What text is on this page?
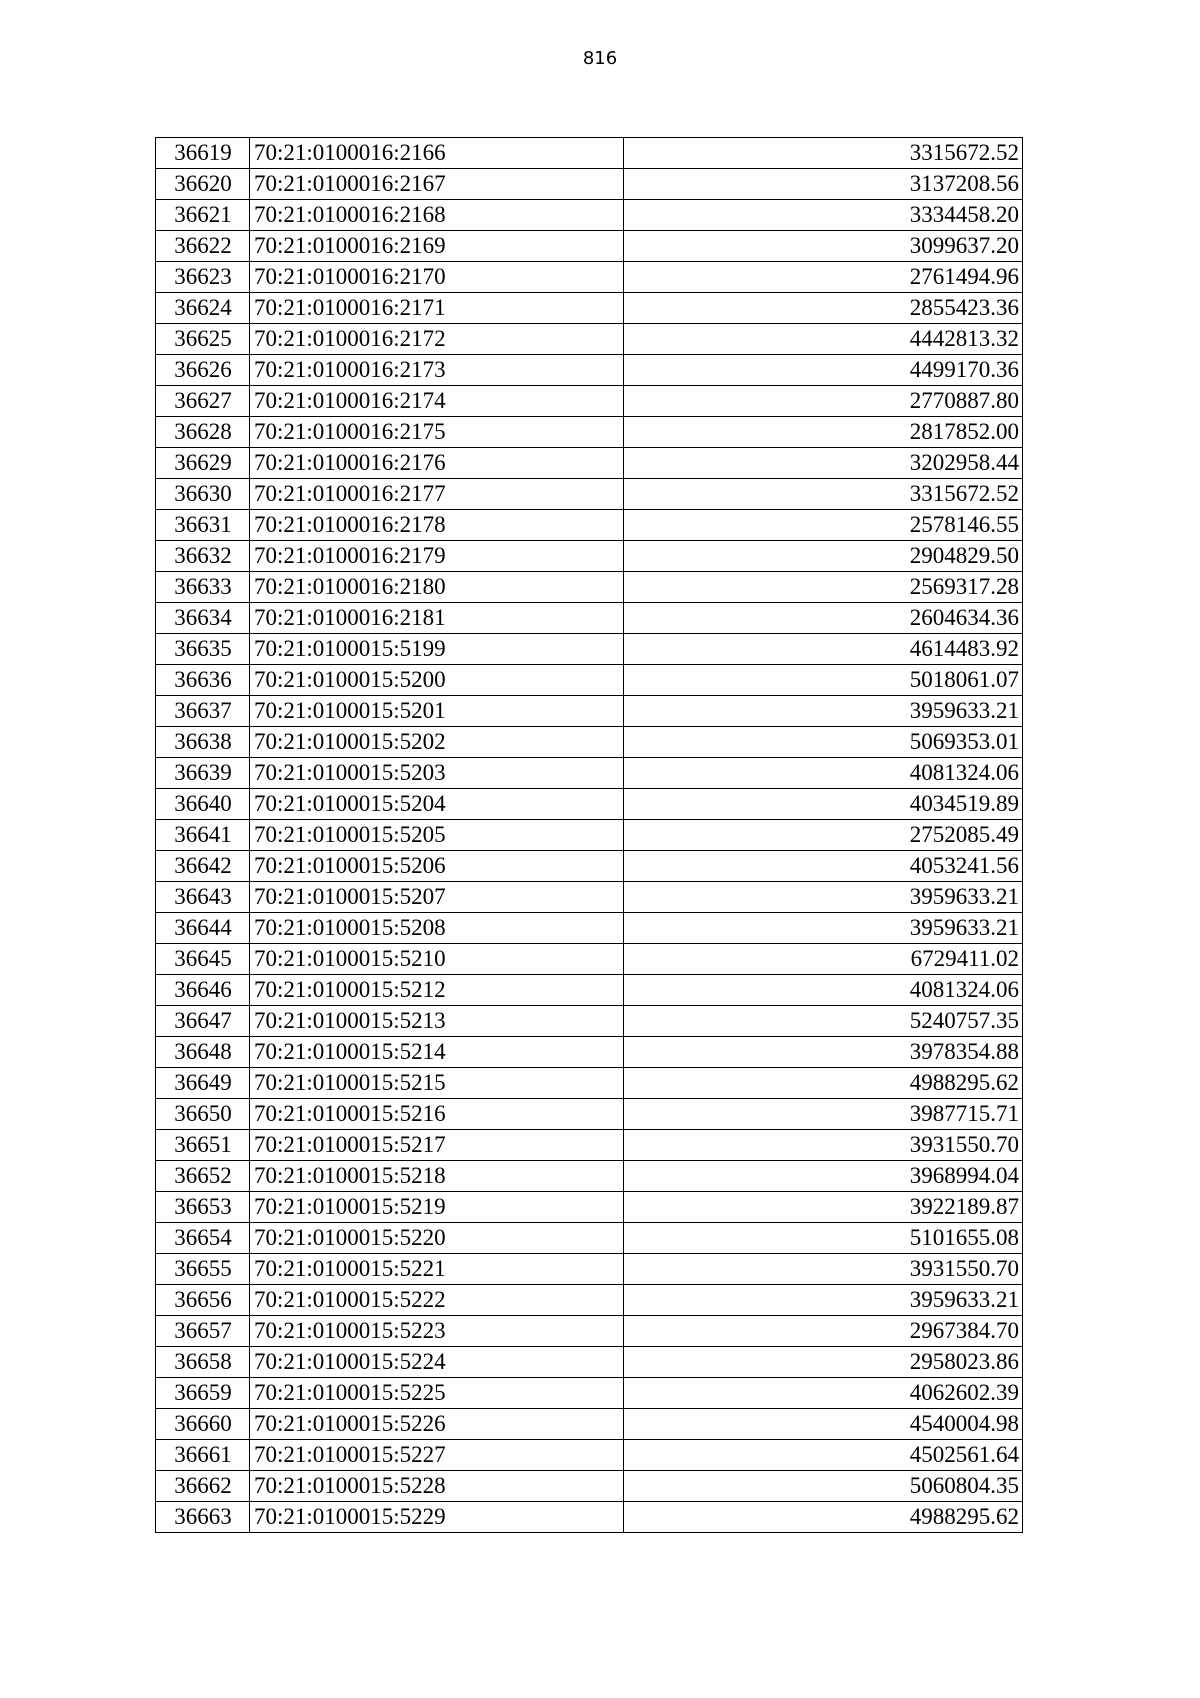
816
36619	70:21:0100016:2166	3315672.52
36620	70:21:0100016:2167	3137208.56
36621	70:21:0100016:2168	3334458.20
36622	70:21:0100016:2169	3099637.20
36623	70:21:0100016:2170	2761494.96
36624	70:21:0100016:2171	2855423.36
36625	70:21:0100016:2172	4442813.32
36626	70:21:0100016:2173	4499170.36
36627	70:21:0100016:2174	2770887.80
36628	70:21:0100016:2175	2817852.00
36629	70:21:0100016:2176	3202958.44
36630	70:21:0100016:2177	3315672.52
36631	70:21:0100016:2178	2578146.55
36632	70:21:0100016:2179	2904829.50
36633	70:21:0100016:2180	2569317.28
36634	70:21:0100016:2181	2604634.36
36635	70:21:0100015:5199	4614483.92
36636	70:21:0100015:5200	5018061.07
36637	70:21:0100015:5201	3959633.21
36638	70:21:0100015:5202	5069353.01
36639	70:21:0100015:5203	4081324.06
36640	70:21:0100015:5204	4034519.89
36641	70:21:0100015:5205	2752085.49
36642	70:21:0100015:5206	4053241.56
36643	70:21:0100015:5207	3959633.21
36644	70:21:0100015:5208	3959633.21
36645	70:21:0100015:5210	6729411.02
36646	70:21:0100015:5212	4081324.06
36647	70:21:0100015:5213	5240757.35
36648	70:21:0100015:5214	3978354.88
36649	70:21:0100015:5215	4988295.62
36650	70:21:0100015:5216	3987715.71
36651	70:21:0100015:5217	3931550.70
36652	70:21:0100015:5218	3968994.04
36653	70:21:0100015:5219	3922189.87
36654	70:21:0100015:5220	5101655.08
36655	70:21:0100015:5221	3931550.70
36656	70:21:0100015:5222	3959633.21
36657	70:21:0100015:5223	2967384.70
36658	70:21:0100015:5224	2958023.86
36659	70:21:0100015:5225	4062602.39
36660	70:21:0100015:5226	4540004.98
36661	70:21:0100015:5227	4502561.64
36662	70:21:0100015:5228	5060804.35
36663	70:21:0100015:5229	4988295.62
